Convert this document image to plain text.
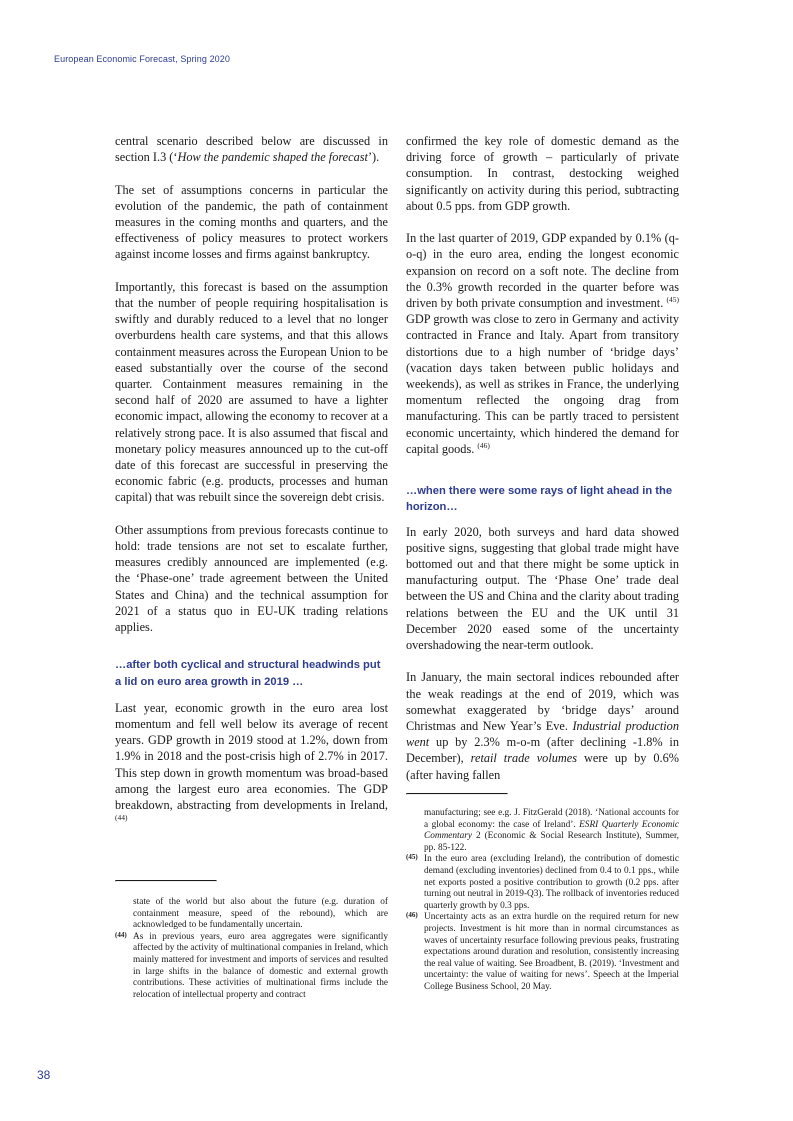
European Economic Forecast, Spring 2020

central scenario described below are discussed in section I.3 (‘How the pandemic shaped the forecast’).

The set of assumptions concerns in particular the evolution of the pandemic, the path of containment measures in the coming months and quarters, and the effectiveness of policy measures to protect workers against income losses and firms against bankruptcy.

Importantly, this forecast is based on the assumption that the number of people requiring hospitalisation is swiftly and durably reduced to a level that no longer overburdens health care systems, and that this allows containment measures across the European Union to be eased substantially over the course of the second quarter. Containment measures remaining in the second half of 2020 are assumed to have a lighter economic impact, allowing the economy to recover at a relatively strong pace. It is also assumed that fiscal and monetary policy measures announced up to the cut-off date of this forecast are successful in preserving the economic fabric (e.g. products, processes and human capital) that was rebuilt since the sovereign debt crisis.

Other assumptions from previous forecasts continue to hold: trade tensions are not set to escalate further, measures credibly announced are implemented (e.g. the ‘Phase-one’ trade agreement between the United States and China) and the technical assumption for 2021 of a status quo in EU-UK trading relations applies.

…after both cyclical and structural headwinds put a lid on euro area growth in 2019 …

Last year, economic growth in the euro area lost momentum and fell well below its average of recent years. GDP growth in 2019 stood at 1.2%, down from 1.9% in 2018 and the post-crisis high of 2.7% in 2017. This step down in growth momentum was broad-based among the largest euro area economies. The GDP breakdown, abstracting from developments in Ireland, $^{(44)}$

confirmed the key role of domestic demand as the driving force of growth – particularly of private consumption. In contrast, destocking weighed significantly on activity during this period, subtracting about 0.5 pps. from GDP growth.

In the last quarter of 2019, GDP expanded by 0.1% (q-o-q) in the euro area, ending the longest economic expansion on record on a soft note. The decline from the 0.3% growth recorded in the quarter before was driven by both private consumption and investment. $^{(45)}$ GDP growth was close to zero in Germany and activity contracted in France and Italy. Apart from transitory distortions due to a high number of ‘bridge days’ (vacation days taken between public holidays and weekends), as well as strikes in France, the underlying momentum reflected the ongoing drag from manufacturing. This can be partly traced to persistent economic uncertainty, which hindered the demand for capital goods. $^{(46)}$

…when there were some rays of light ahead in the horizon…

In early 2020, both surveys and hard data showed positive signs, suggesting that global trade might have bottomed out and that there might be some uptick in manufacturing output. The ‘Phase One’ trade deal between the US and China and the clarity about trading relations between the EU and the UK until 31 December 2020 eased some of the uncertainty overshadowing the near-term outlook.

In January, the main sectoral indices rebounded after the weak readings at the end of 2019, which was somewhat exaggerated by ‘bridge days’ around Christmas and New Year’s Eve. Industrial production went up by 2.3% m-o-m (after declining -1.8% in December), retail trade volumes were up by 0.6% (after having fallen

state of the world but also about the future (e.g. duration of containment measure, speed of the rebound), which are acknowledged to be fundamentally uncertain.

(44) As in previous years, euro area aggregates were significantly affected by the activity of multinational companies in Ireland, which mainly mattered for investment and imports of services and resulted in large shifts in the balance of domestic and external growth contributions. These activities of multinational firms include the relocation of intellectual property and contract

manufacturing; see e.g. J. FitzGerald (2018). ‘National accounts for a global economy: the case of Ireland’. ESRI Quarterly Economic Commentary 2 (Economic & Social Research Institute), Summer, pp. 85-122.

(45) In the euro area (excluding Ireland), the contribution of domestic demand (excluding inventories) declined from 0.4 to 0.1 pps., while net exports posted a positive contribution to growth (0.2 pps. after turning out neutral in 2019-Q3). The rollback of inventories reduced quarterly growth by 0.3 pps.

(46) Uncertainty acts as an extra hurdle on the required return for new projects. Investment is hit more than in normal circumstances as waves of uncertainty resurface following previous peaks, frustrating expectations around duration and resolution, consistently increasing the real value of waiting. See Broadbent, B. (2019). ‘Investment and uncertainty: the value of waiting for news’. Speech at the Imperial College Business School, 20 May.

38
